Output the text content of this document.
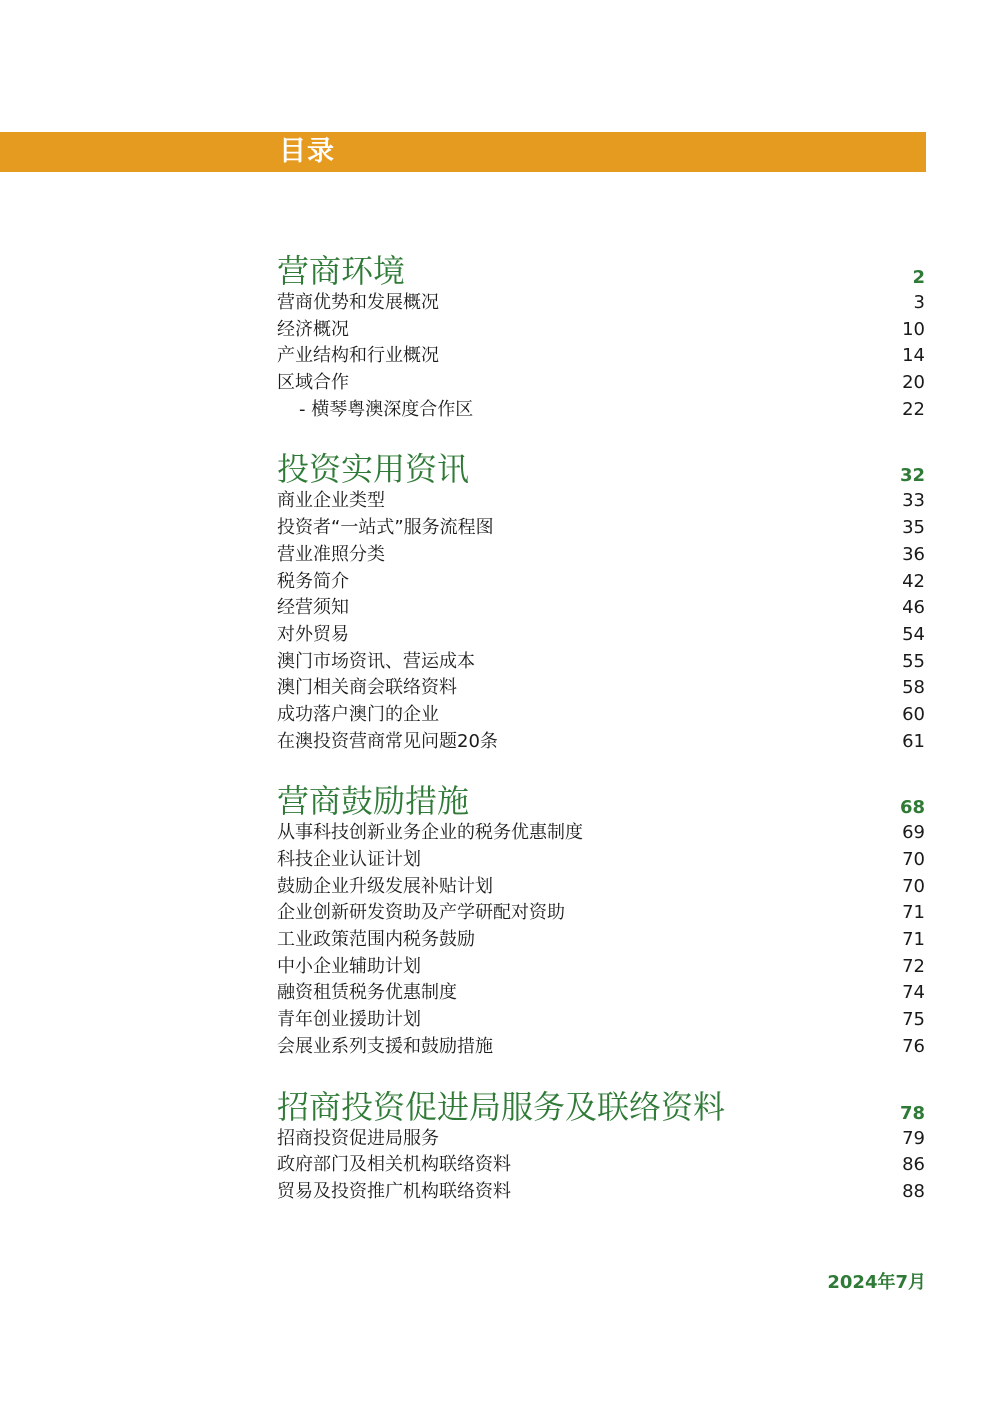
目录
营商环境	2
营商优势和发展概况	3
经济概况	10
产业结构和行业概况	14
区域合作	20
- 横琴粤澳深度合作区	22
投资实用资讯	32
商业企业类型	33
投资者“一站式”服务流程图	35
营业准照分类	36
税务简介	42
经营须知	46
对外贸易	54
澳门市场资讯、营运成本	55
澳门相关商会联络资料	58
成功落户澳门的企业	60
在澳投资营商常见问题20条	61
营商鼓励措施	68
从事科技创新业务企业的税务优惠制度	69
科技企业认证计划	70
鼓励企业升级发展补贴计划	70
企业创新研发资助及产学研配对资助	71
工业政策范围内税务鼓励	71
中小企业辅助计划	72
融资租赁税务优惠制度	74
青年创业援助计划	75
会展业系列支援和鼓励措施	76
招商投资促进局服务及联络资料	78
招商投资促进局服务	79
政府部门及相关机构联络资料	86
贸易及投资推广机构联络资料	88
2024年7月
